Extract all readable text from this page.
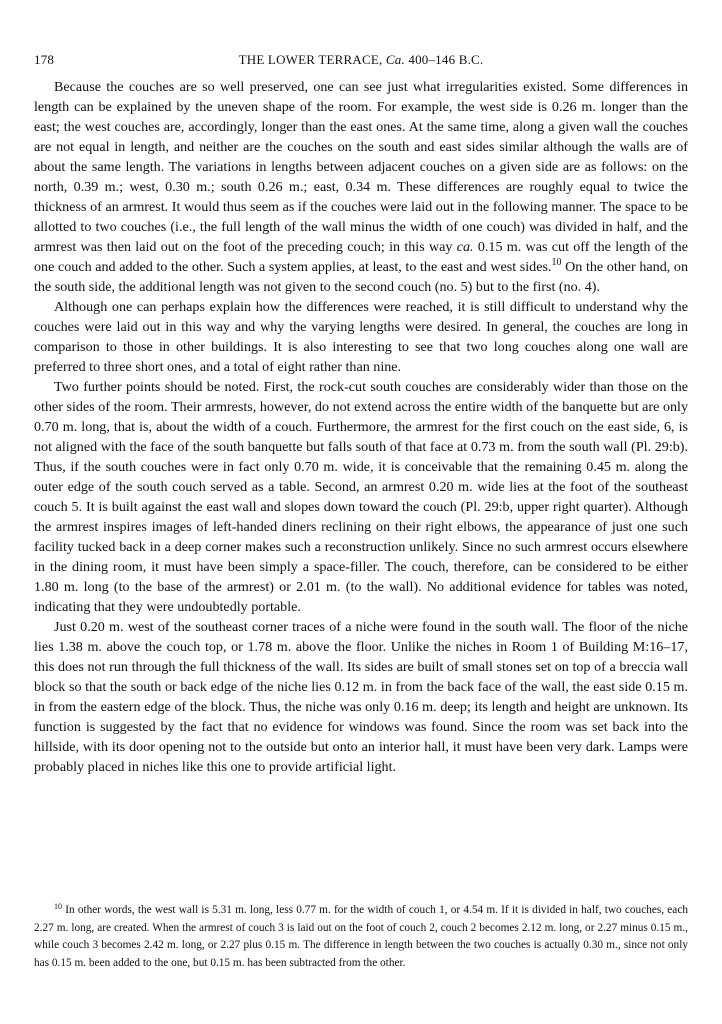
178	THE LOWER TERRACE, Ca. 400–146 B.C.

Because the couches are so well preserved, one can see just what irregularities existed. Some differences in length can be explained by the uneven shape of the room. For example, the west side is 0.26 m. longer than the east; the west couches are, accordingly, longer than the east ones. At the same time, along a given wall the couches are not equal in length, and neither are the couches on the south and east sides similar although the walls are of about the same length. The variations in lengths between adjacent couches on a given side are as follows: on the north, 0.39 m.; west, 0.30 m.; south 0.26 m.; east, 0.34 m. These differences are roughly equal to twice the thickness of an armrest. It would thus seem as if the couches were laid out in the following manner. The space to be allotted to two couches (i.e., the full length of the wall minus the width of one couch) was divided in half, and the armrest was then laid out on the foot of the preceding couch; in this way ca. 0.15 m. was cut off the length of the one couch and added to the other. Such a system applies, at least, to the east and west sides.$^{10}$ On the other hand, on the south side, the additional length was not given to the second couch (no. 5) but to the first (no. 4).

Although one can perhaps explain how the differences were reached, it is still difficult to understand why the couches were laid out in this way and why the varying lengths were desired. In general, the couches are long in comparison to those in other buildings. It is also interesting to see that two long couches along one wall are preferred to three short ones, and a total of eight rather than nine.

Two further points should be noted. First, the rock-cut south couches are considerably wider than those on the other sides of the room. Their armrests, however, do not extend across the entire width of the banquette but are only 0.70 m. long, that is, about the width of a couch. Furthermore, the armrest for the first couch on the east side, 6, is not aligned with the face of the south banquette but falls south of that face at 0.73 m. from the south wall (Pl. 29:b). Thus, if the south couches were in fact only 0.70 m. wide, it is conceivable that the remaining 0.45 m. along the outer edge of the south couch served as a table. Second, an armrest 0.20 m. wide lies at the foot of the southeast couch 5. It is built against the east wall and slopes down toward the couch (Pl. 29:b, upper right quarter). Although the armrest inspires images of left-handed diners reclining on their right elbows, the appearance of just one such facility tucked back in a deep corner makes such a reconstruction unlikely. Since no such armrest occurs elsewhere in the dining room, it must have been simply a space-filler. The couch, therefore, can be considered to be either 1.80 m. long (to the base of the armrest) or 2.01 m. (to the wall). No additional evidence for tables was noted, indicating that they were undoubtedly portable.

Just 0.20 m. west of the southeast corner traces of a niche were found in the south wall. The floor of the niche lies 1.38 m. above the couch top, or 1.78 m. above the floor. Unlike the niches in Room 1 of Building M:16–17, this does not run through the full thickness of the wall. Its sides are built of small stones set on top of a breccia wall block so that the south or back edge of the niche lies 0.12 m. in from the back face of the wall, the east side 0.15 m. in from the eastern edge of the block. Thus, the niche was only 0.16 m. deep; its length and height are unknown. Its function is suggested by the fact that no evidence for windows was found. Since the room was set back into the hillside, with its door opening not to the outside but onto an interior hall, it must have been very dark. Lamps were probably placed in niches like this one to provide artificial light.

$^{10}$ In other words, the west wall is 5.31 m. long, less 0.77 m. for the width of couch 1, or 4.54 m. If it is divided in half, two couches, each 2.27 m. long, are created. When the armrest of couch 3 is laid out on the foot of couch 2, couch 2 becomes 2.12 m. long, or 2.27 minus 0.15 m., while couch 3 becomes 2.42 m. long, or 2.27 plus 0.15 m. The difference in length between the two couches is actually 0.30 m., since not only has 0.15 m. been added to the one, but 0.15 m. has been subtracted from the other.
